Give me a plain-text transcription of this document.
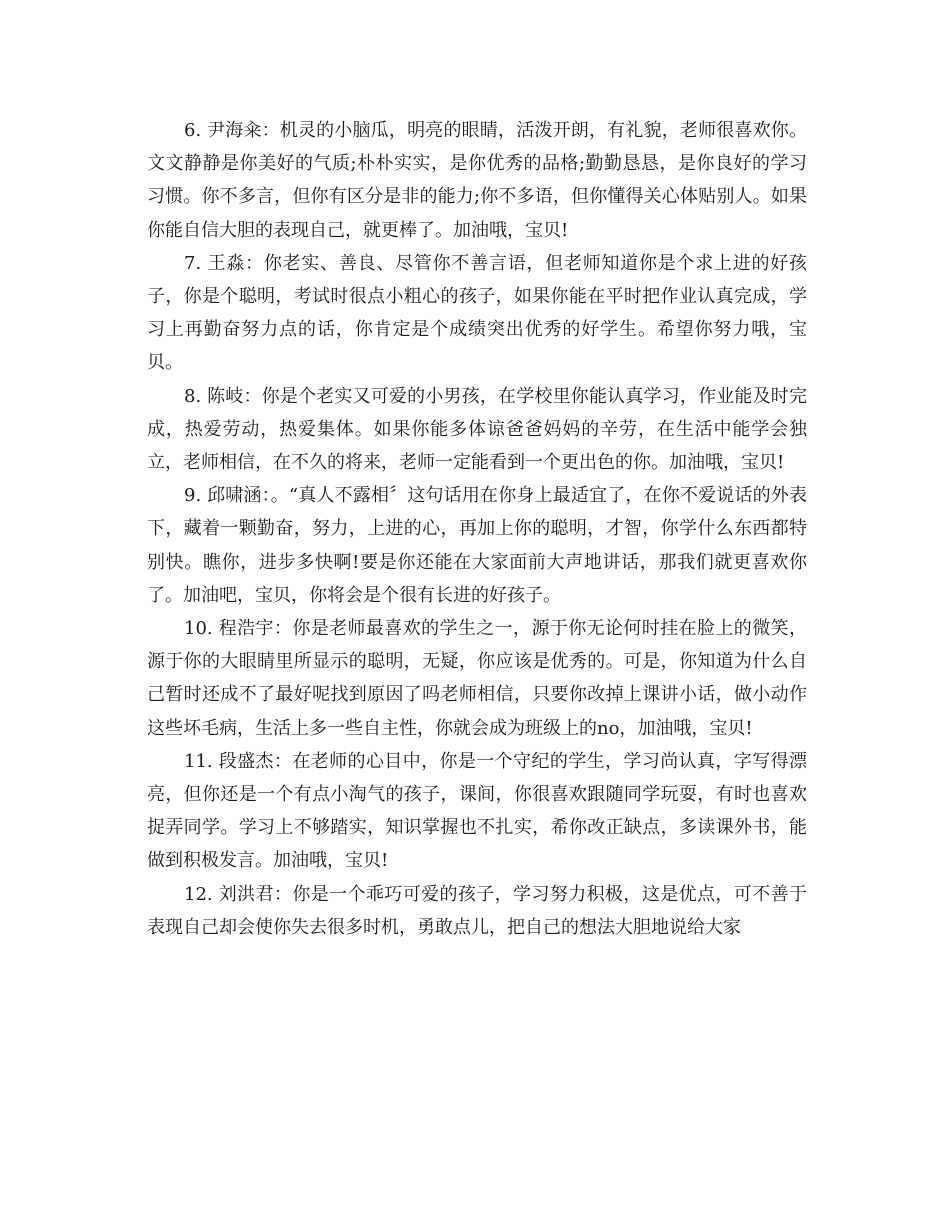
6. 尹海籴：机灵的小脑瓜，明亮的眼睛，活泼开朗，有礼貌，老师很喜欢你。文文静静是你美好的气质;朴朴实实，是你优秀的品格;勤勤恳恳，是你良好的学习习惯。你不多言，但你有区分是非的能力;你不多语，但你懂得关心体贴别人。如果你能自信大胆的表现自己，就更棒了。加油哦，宝贝!

7. 王淼：你老实、善良、尽管你不善言语，但老师知道你是个求上进的好孩子，你是个聪明，考试时很点小粗心的孩子，如果你能在平时把作业认真完成，学习上再勤奋努力点的话，你肯定是个成绩突出优秀的好学生。希望你努力哦，宝贝。

8. 陈岐：你是个老实又可爱的小男孩，在学校里你能认真学习，作业能及时完成，热爱劳动，热爱集体。如果你能多体谅爸爸妈妈的辛劳，在生活中能学会独立，老师相信，在不久的将来，老师一定能看到一个更出色的你。加油哦，宝贝!

9. 邱啸涵：。“真人不露相〞这句话用在你身上最适宜了，在你不爱说话的外表下，藏着一颗勤奋，努力，上进的心，再加上你的聪明，才智，你学什么东西都特别快。瞧你，进步多快啊!要是你还能在大家面前大声地讲话，那我们就更喜欢你了。加油吧，宝贝，你将会是个很有长进的好孩子。

10. 程浩宇：你是老师最喜欢的学生之一，源于你无论何时挂在脸上的微笑，源于你的大眼睛里所显示的聪明，无疑，你应该是优秀的。可是，你知道为什么自己暂时还成不了最好呢找到原因了吗老师相信，只要你改掉上课讲小话，做小动作这些坏毛病，生活上多一些自主性，你就会成为班级上的no，加油哦，宝贝!

11. 段盛杰：在老师的心目中，你是一个守纪的学生，学习尚认真，字写得漂亮，但你还是一个有点小淘气的孩子，课间，你很喜欢跟随同学玩耍，有时也喜欢捉弄同学。学习上不够踏实，知识掌握也不扎实，希你改正缺点，多读课外书，能做到积极发言。加油哦，宝贝!

12. 刘洪君：你是一个乖巧可爱的孩子，学习努力积极，这是优点，可不善于表现自己却会使你失去很多时机，勇敢点儿，把自己的想法大胆地说给大家
